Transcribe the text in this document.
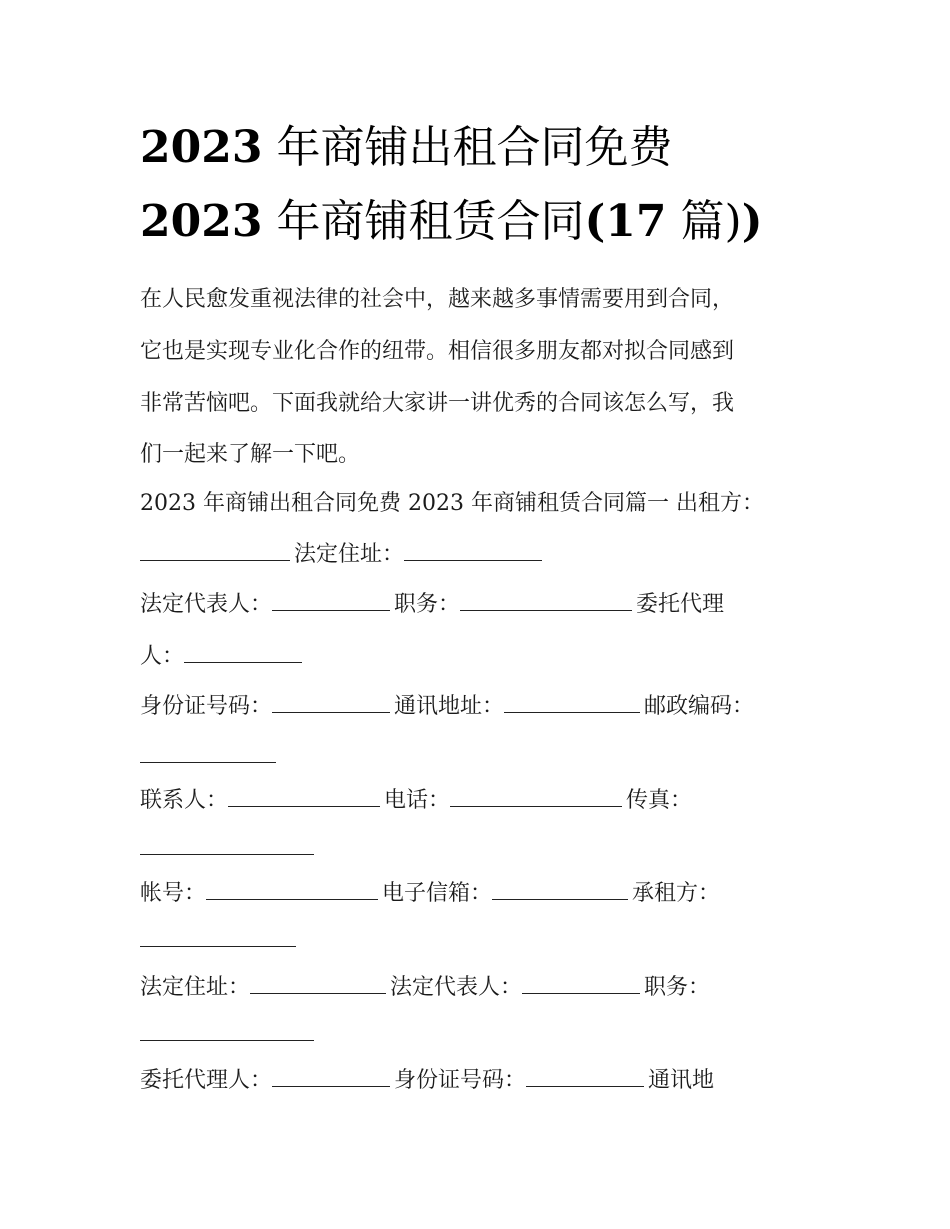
2023 年商铺出租合同免费
2023 年商铺租赁合同(17 篇))
在人民愈发重视法律的社会中，越来越多事情需要用到合同，
它也是实现专业化合作的纽带。相信很多朋友都对拟合同感到
非常苦恼吧。下面我就给大家讲一讲优秀的合同该怎么写，我
们一起来了解一下吧。
2023 年商铺出租合同免费 2023 年商铺租赁合同篇一 出租方：
法定住址：
法定代表人：	职务：	委托代理
人：
身份证号码：	通讯地址：	邮政编码：
联系人：	电话：	传真：
帐号：	电子信箱：	承租方：
法定住址：	法定代表人：	职务：
委托代理人：	身份证号码：	通讯地
